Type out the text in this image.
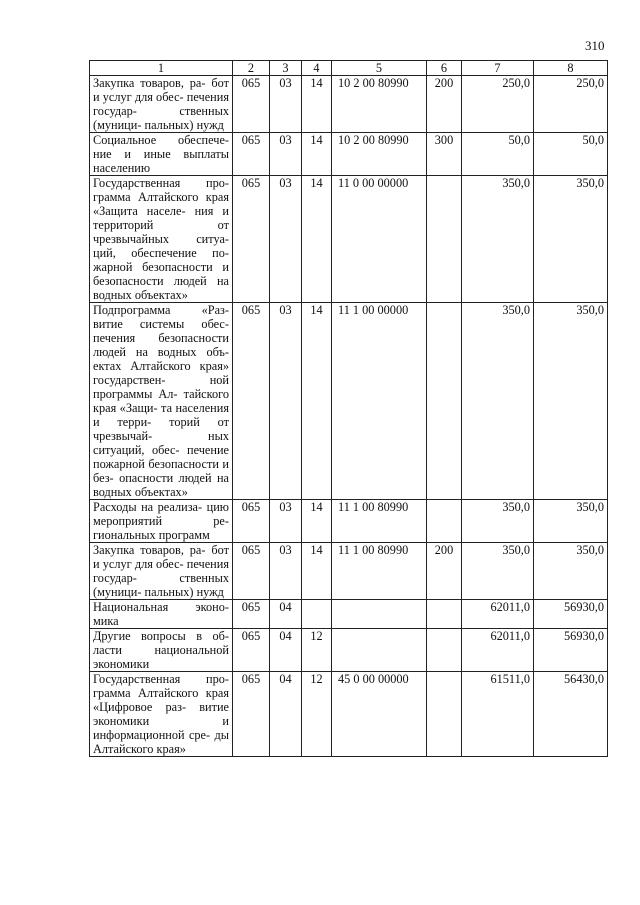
310
1	2	3	4	5	6	7	8
Закупка товаров, ра- бот и услуг для обес- печения государ- ственных (муници- пальных) нужд	065	03	14	10 2 00 80990	200	250,0	250,0
Социальное обеспече- ние и иные выплаты населению	065	03	14	10 2 00 80990	300	50,0	50,0
Государственная про- грамма Алтайского края «Защита населе- ния и территорий от чрезвычайных ситуа- ций, обеспечение по- жарной безопасности и безопасности людей на водных объектах»	065	03	14	11 0 00 00000		350,0	350,0
Подпрограмма «Раз- витие системы обес- печения безопасности людей на водных объ- ектах Алтайского края» государствен- ной программы Ал- тайского края «Защи- та населения и терри- торий от чрезвычай- ных ситуаций, обес- печение пожарной безопасности и без- опасности людей на водных объектах»	065	03	14	11 1 00 00000		350,0	350,0
Расходы на реализа- цию мероприятий ре- гиональных программ	065	03	14	11 1 00 80990		350,0	350,0
Закупка товаров, ра- бот и услуг для обес- печения государ- ственных (муници- пальных) нужд	065	03	14	11 1 00 80990	200	350,0	350,0
Национальная эконо- мика	065	04				62011,0	56930,0
Другие вопросы в об- ласти национальной экономики	065	04	12			62011,0	56930,0
Государственная про- грамма Алтайского края «Цифровое раз- витие экономики и информационной сре- ды Алтайского края»	065	04	12	45 0 00 00000		61511,0	56430,0
